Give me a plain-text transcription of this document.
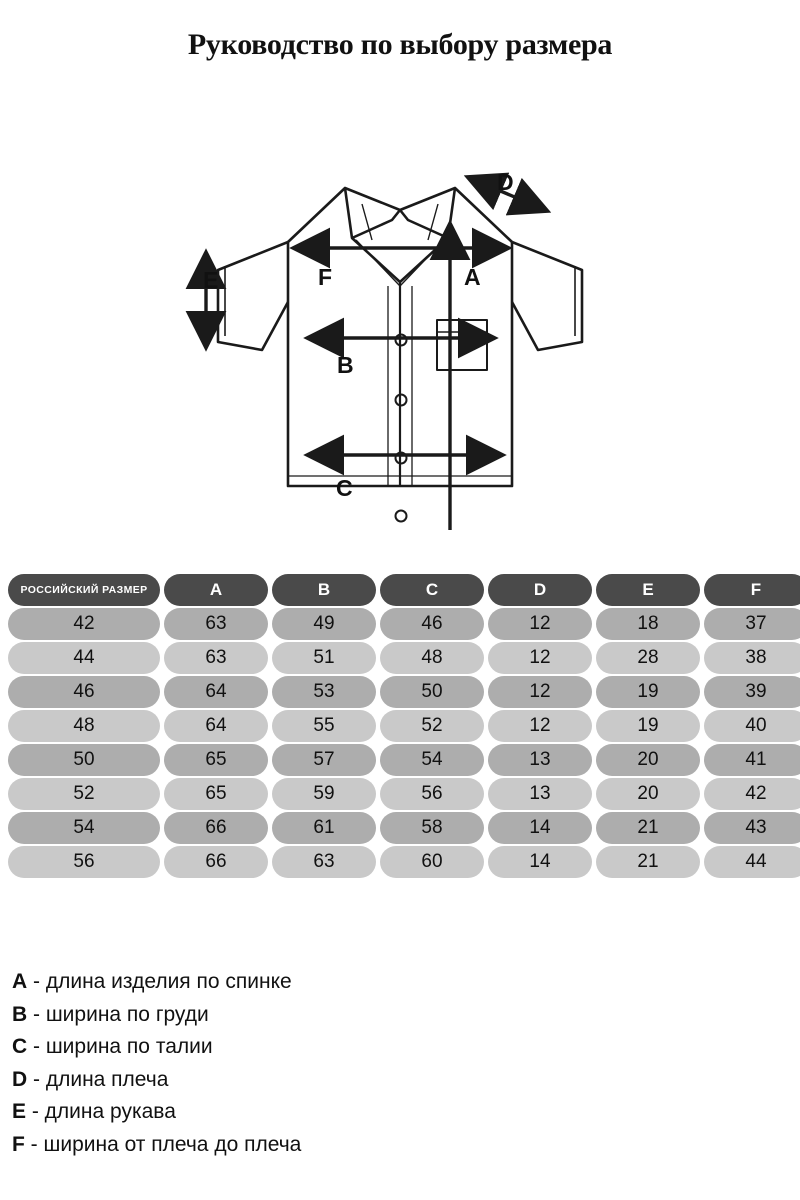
Руководство по выбору размера
D
E	F	A
B
C
РОССИЙСКИЙ РАЗМЕР	A	B	C	D	E	F
42	63	49	46	12	18	37
44	63	51	48	12	28	38
46	64	53	50	12	19	39
48	64	55	52	12	19	40
50	65	57	54	13	20	41
52	65	59	56	13	20	42
54	66	61	58	14	21	43
56	66	63	60	14	21	44
A - длина изделия по спинке
B - ширина по груди
C - ширина по талии
D - длина плеча
E - длина рукава
F - ширина от плеча до плеча
